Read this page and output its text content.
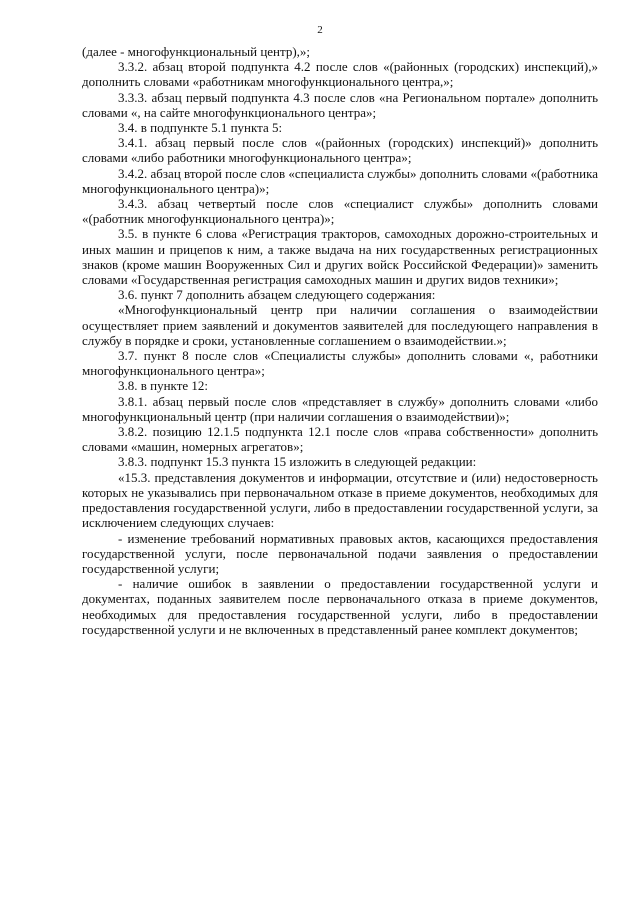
2

(далее - многофункциональный центр),»;

3.3.2. абзац второй подпункта 4.2 после слов «(районных (городских) инспекций),» дополнить словами «работникам многофункционального центра,»;

3.3.3. абзац первый подпункта 4.3 после слов «на Региональном портале» дополнить словами «, на сайте многофункционального центра»;

3.4. в подпункте 5.1 пункта 5:

3.4.1. абзац первый после слов «(районных (городских) инспекций)» дополнить словами «либо работники многофункционального центра»;

3.4.2. абзац второй после слов «специалиста службы» дополнить словами «(работника многофункционального центра)»;

3.4.3. абзац четвертый после слов «специалист службы» дополнить словами «(работник многофункционального центра)»;

3.5. в пункте 6 слова «Регистрация тракторов, самоходных дорожно-строительных и иных машин и прицепов к ним, а также выдача на них государственных регистрационных знаков (кроме машин Вооруженных Сил и других войск Российской Федерации)» заменить словами «Государственная регистрация самоходных машин и других видов техники»;

3.6. пункт 7 дополнить абзацем следующего содержания:

«Многофункциональный центр при наличии соглашения о взаимодействии осуществляет прием заявлений и документов заявителей для последующего направления в службу в порядке и сроки, установленные соглашением о взаимодействии.»;

3.7. пункт 8 после слов «Специалисты службы» дополнить словами «, работники многофункционального центра»;

3.8. в пункте 12:

3.8.1. абзац первый после слов «представляет в службу» дополнить словами «либо многофункциональный центр (при наличии соглашения о взаимодействии)»;

3.8.2. позицию 12.1.5 подпункта 12.1 после слов «права собственности» дополнить словами «машин, номерных агрегатов»;

3.8.3. подпункт 15.3 пункта 15 изложить в следующей редакции:

«15.3. представления документов и информации, отсутствие и (или) недостоверность которых не указывались при первоначальном отказе в приеме документов, необходимых для предоставления государственной услуги, либо в предоставлении государственной услуги, за исключением следующих случаев:

- изменение требований нормативных правовых актов, касающихся предоставления государственной услуги, после первоначальной подачи заявления о предоставлении государственной услуги;

- наличие ошибок в заявлении о предоставлении государственной услуги и документах, поданных заявителем после первоначального отказа в приеме документов, необходимых для предоставления государственной услуги, либо в предоставлении государственной услуги и не включенных в представленный ранее комплект документов;
